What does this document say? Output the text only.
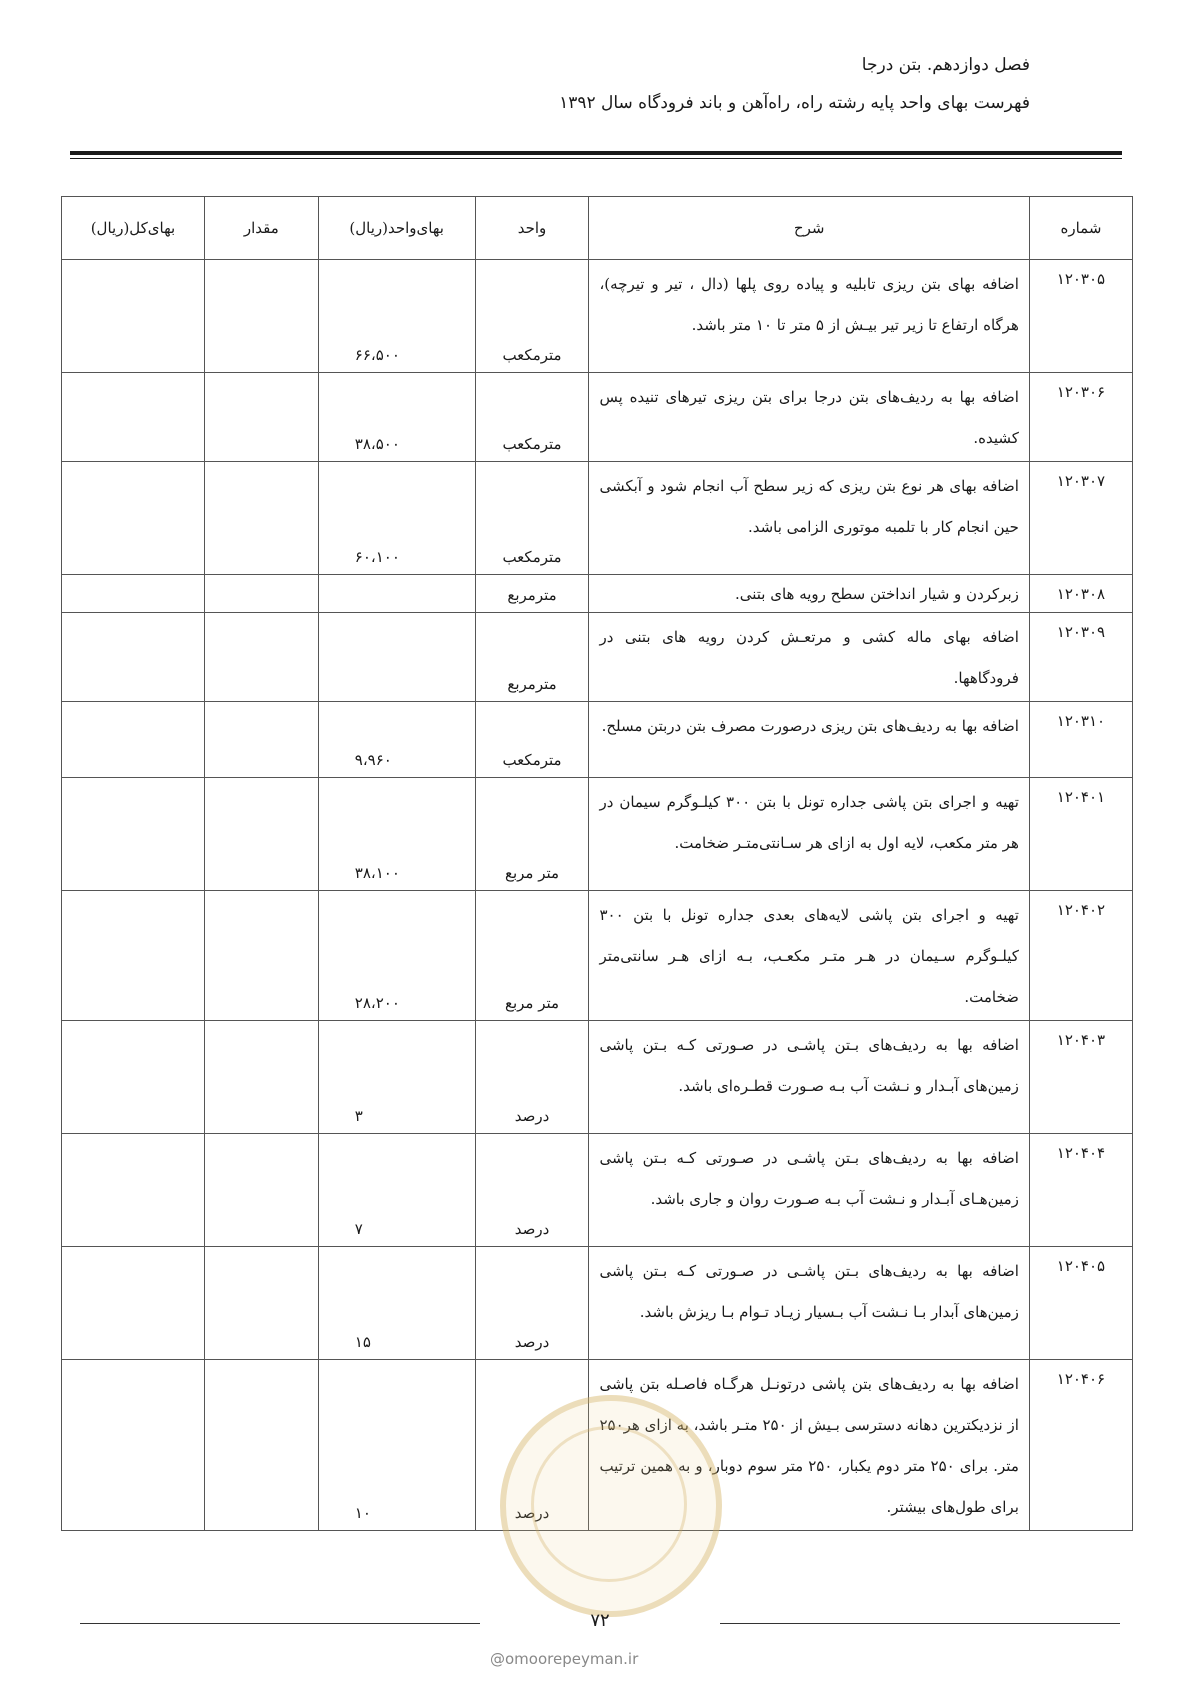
فصل دوازدهم. بتن درجا
فهرست بهای واحد پایه رشته راه، راه‌آهن و باند فرودگاه سال ۱۳۹۲
شماره	شرح	واحد	بهای‌واحد(ریال)	مقدار	بهای‌کل(ریال)
۱۲۰۳۰۵	اضافه بهای بتن ریزی تابلیه و پیاده روی پلها (دال ، تیر و تیرچه)، هرگاه ارتفاع تا زیر تیر بیـش از ۵ متر تا ۱۰ متر باشد.	مترمکعب	۶۶،۵۰۰		
۱۲۰۳۰۶	اضافه بها به ردیف‌های بتن درجا برای بتن ریزی تیرهای تنیده پس کشیده.	مترمکعب	۳۸،۵۰۰		
۱۲۰۳۰۷	اضافه بهای هر نوع بتن ریزی که زیر سطح آب انجام شود و آبکشی حین انجام کار با تلمبه موتوری الزامی باشد.	مترمکعب	۶۰،۱۰۰		
۱۲۰۳۰۸	زبرکردن و شیار انداختن سطح رویه های بتنی.	مترمربع			
۱۲۰۳۰۹	اضافه بهای ماله کشی و مرتعـش کردن رویه های بتنی در فرودگاهها.	مترمربع			
۱۲۰۳۱۰	اضافه بها به ردیف‌های بتن ریزی درصورت مصرف بتن دربتن مسلح.	مترمکعب	۹،۹۶۰		
۱۲۰۴۰۱	تهیه و اجرای بتن پاشی جداره تونل با بتن ۳۰۰ کیلـوگرم سیمان در هر متر مکعب، لایه اول به ازای هر سـانتی‌متـر ضخامت.	متر مربع	۳۸،۱۰۰		
۱۲۰۴۰۲	تهیه و اجرای بتن پاشی لایه‌های بعدی جداره تونل با بتن ۳۰۰ کیلـوگرم سـیمان در هـر متـر مکعـب، بـه ازای هـر سانتی‌متر ضخامت.	متر مربع	۲۸،۲۰۰		
۱۲۰۴۰۳	اضافه بها به ردیف‌های بـتن پاشـی در صـورتی کـه بـتن پاشی زمین‌های آبـدار و نـشت آب بـه صـورت قطـره‌ای باشد.	درصد	۳		
۱۲۰۴۰۴	اضافه بها به ردیف‌های بـتن پاشـی در صـورتی کـه بـتن پاشی زمین‌هـای آبـدار و نـشت آب بـه صـورت روان و جاری باشد.	درصد	۷		
۱۲۰۴۰۵	اضافه بها به ردیف‌های بـتن پاشـی در صـورتی کـه بـتن پاشی زمین‌های آبدار بـا نـشت آب بـسیار زیـاد تـوام بـا ریزش باشد.	درصد	۱۵		
۱۲۰۴۰۶	اضافه بها به ردیف‌های بتن پاشی درتونـل هرگـاه فاصـله بتن پاشی از نزدیکترین دهانه دسترسی بـیش از ۲۵۰ متـر باشد، به ازای هر۲۵۰ متر. برای ۲۵۰ متر دوم یکبار، ۲۵۰ متر سوم دوبار، و به همین ترتیب برای طول‌های بیشتر.	درصد	۱۰		
۷۲
@omoorepeyman.ir
